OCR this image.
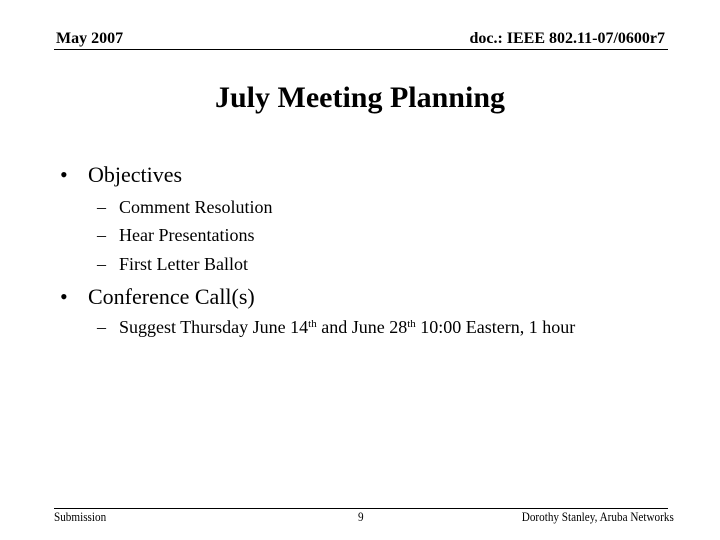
May 2007	doc.: IEEE 802.11-07/0600r7
July Meeting Planning
• Objectives
– Comment Resolution
– Hear Presentations
– First Letter Ballot
• Conference Call(s)
– Suggest Thursday June 14th and June 28th 10:00 Eastern, 1 hour
Submission	9	Dorothy Stanley, Aruba Networks
